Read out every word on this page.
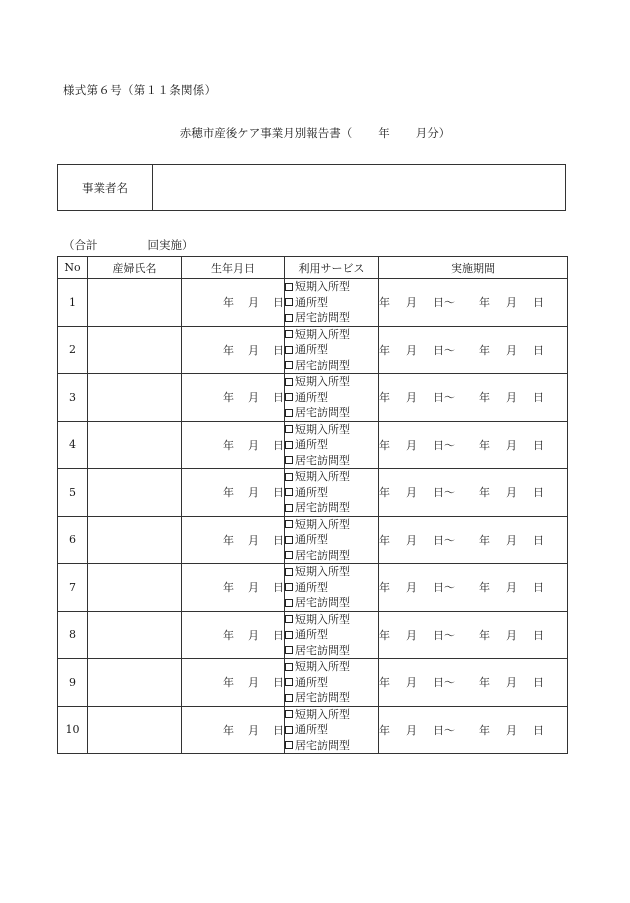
様式第６号（第１１条関係）
赤穂市産後ケア事業月別報告書（ 年 月分）
事業者名
（合計	回実施）
No	産婦氏名	生年月日	利用サービス	実施期間
1		年 月 日	短期入所型
通所型
居宅訪問型	年 月 日～ 年 月 日
2		年 月 日	短期入所型
通所型
居宅訪問型	年 月 日～ 年 月 日
3		年 月 日	短期入所型
通所型
居宅訪問型	年 月 日～ 年 月 日
4		年 月 日	短期入所型
通所型
居宅訪問型	年 月 日～ 年 月 日
5		年 月 日	短期入所型
通所型
居宅訪問型	年 月 日～ 年 月 日
6		年 月 日	短期入所型
通所型
居宅訪問型	年 月 日～ 年 月 日
7		年 月 日	短期入所型
通所型
居宅訪問型	年 月 日～ 年 月 日
8		年 月 日	短期入所型
通所型
居宅訪問型	年 月 日～ 年 月 日
9		年 月 日	短期入所型
通所型
居宅訪問型	年 月 日～ 年 月 日
10		年 月 日	短期入所型
通所型
居宅訪問型	年 月 日～ 年 月 日
